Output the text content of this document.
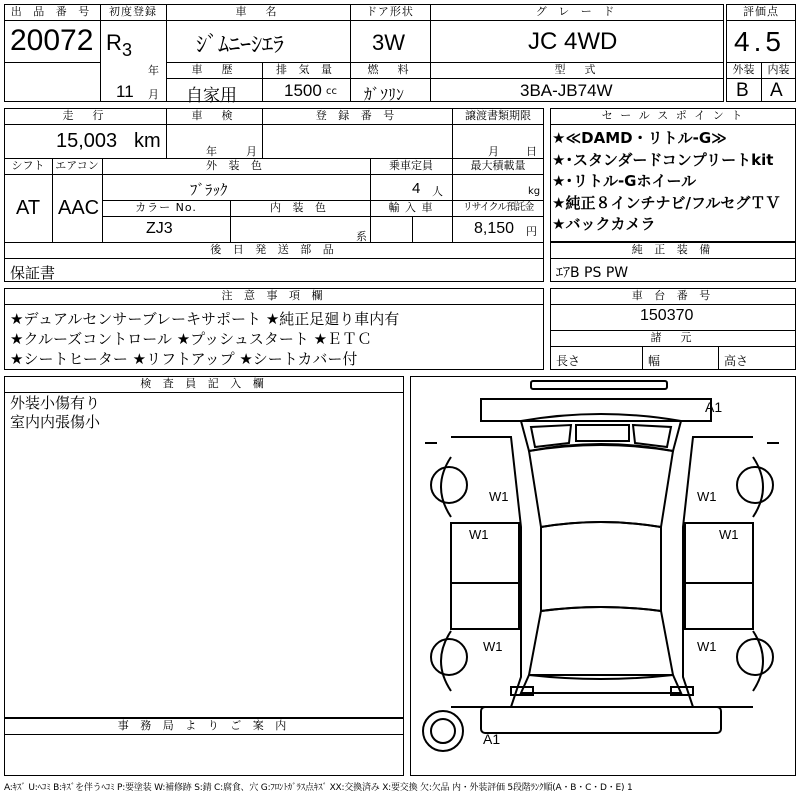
出 品 番 号
20072
初度登録
R 3
年
11 月
車　名
ｼﾞﾑﾆｰｼｴﾗ
ドア形状
3W
グ レ ー ド
JC 4WD
車　歴
自家用
排 気 量
1500 cc
燃　料
ｶﾞｿﾘﾝ
型　式
3BA-JB74W
評価点
4.5
外装	内装
B A
走　行
15,003 km
車　検
年	月
登 録 番 号	譲渡書類期限
月 日
シフト
AT
エアコン
AAC
外 装 色
ﾌﾞﾗｯｸ
乗車定員
4 人
最大積載量
kg
カラー No.
ZJ3
内 装 色
系
輸 入 車	リサイクル預託金
8,150 円
後 日 発 送 部 品
保証書
セ ー ル ス ポ イ ン ト
★≪DAMD・リトル-G≫
★･スタンダードコンプリートkit
★･リトル-Gホイール
★純正８インチナビ/フルセグＴＶ
★バックカメラ
純 正 装 備
ｴｱB PS PW
注 意 事 項 欄
★デュアルセンサーブレーキサポート ★純正足廻り車内有
★クルーズコントロール ★プッシュスタート ★ＥＴＣ
★シートヒーター ★リフトアップ ★シートカバー付
車 台 番 号
150370
諸　元
長さ	幅	高さ
検 査 員 記 入 欄
外装小傷有り
室内内張傷小
事 務 局 よ り ご 案 内
A1
W1	W1
W1	W1
W1	W1
A1
A:ｷｽﾞ U:ﾍｺﾐ B:ｷｽﾞを伴うﾍｺﾐ P:要塗装 W:補修跡 S:錆 C:腐食、穴 G:ﾌﾛﾝﾄｶﾞﾗｽ点ｷｽﾞ XX:交換済み X:要交換 欠:欠品 内・外装評価 5段階ﾗﾝｸ順(A・B・C・D・E) 1
